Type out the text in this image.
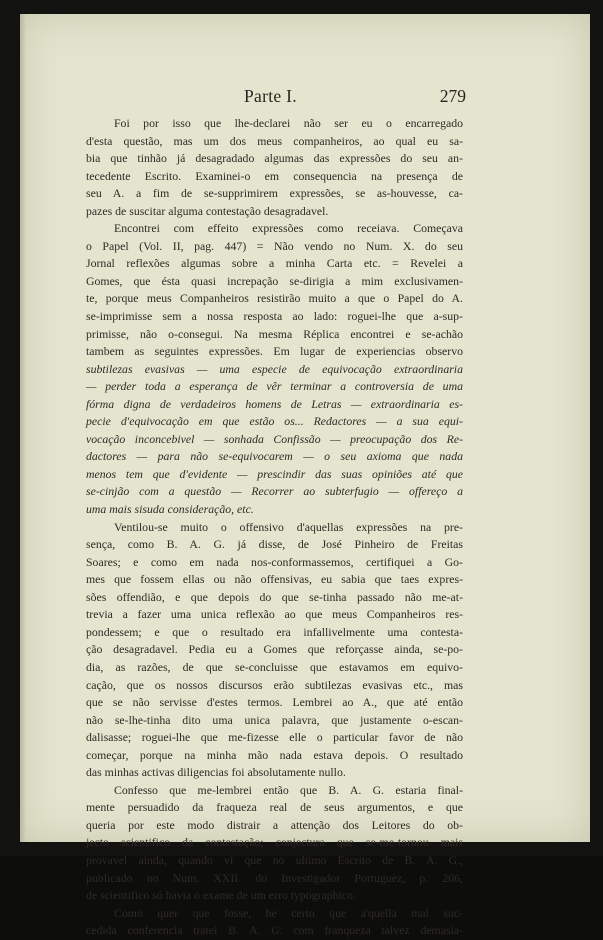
Parte I.	279
Foi por isso que lhe-declarei não ser eu o encarregado
d'esta questão, mas um dos meus companheiros, ao qual eu sa-
bia que tinhão já desagradado algumas das expressões do seu an-
tecedente Escrito. Examinei-o em consequencia na presença de
seu A. a fim de se-supprimirem expressões, se as-houvesse, ca-
pazes de suscitar alguma contestação desagradavel.
Encontrei com effeito expressões como receiava. Começava
o Papel (Vol. II, pag. 447) = Não vendo no Num. X. do seu
Jornal reflexões algumas sobre a minha Carta etc. = Revelei a
Gomes, que ésta quasi increpação se-dirigia a mim exclusivamen-
te, porque meus Companheiros resistirão muito a que o Papel do A.
se-imprimisse sem a nossa resposta ao lado: roguei-lhe que a-sup-
primisse, não o-consegui. Na mesma Réplica encontrei e se-achão
tambem as seguintes expressões. Em lugar de experiencias observo
subtilezas evasivas — uma especie de equivocação extraordinaria
— perder toda a esperança de vêr terminar a controversia de uma
fórma digna de verdadeiros homens de Letras — extraordinaria es-
pecie d'equivocação em que estão os... Redactores — a sua equi-
vocação inconcebivel — sonhada Confissão — preocupação dos Re-
dactores — para não se-equivocarem — o seu axioma que nada
menos tem que d'evidente — prescindir das suas opiniões até que
se-cinjão com a questão — Recorrer ao subterfugio — offereço a
uma mais sisuda consideração, etc.
Ventilou-se muito o offensivo d'aquellas expressões na pre-
sença, como B. A. G. já disse, de José Pinheiro de Freitas
Soares; e como em nada nos-conformassemos, certifiquei a Go-
mes que fossem ellas ou não offensivas, eu sabia que taes expres-
sões offendião, e que depois do que se-tinha passado não me-at-
trevia a fazer uma unica reflexão ao que meus Companheiros res-
pondessem; e que o resultado era infallivelmente uma contesta-
ção desagradavel. Pedia eu a Gomes que reforçasse ainda, se-po-
dia, as razões, de que se-concluisse que estavamos em equivo-
cação, que os nossos discursos erão subtilezas evasivas etc., mas
que se não servisse d'estes termos. Lembrei ao A., que até então
não se-lhe-tinha dito uma unica palavra, que justamente o-escan-
dalisasse; roguei-lhe que me-fizesse elle o particular favor de não
começar, porque na minha mão nada estava depois. O resultado
das minhas activas diligencias foi absolutamente nullo.
Confesso que me-lembrei então que B. A. G. estaria final-
mente persuadido da fraqueza real de seus argumentos, e que
queria por este modo distrair a attenção dos Leitores do ob-
jecto scientifico da contestação; conjectura que se-me-tornou mais
provavel ainda, quando vi que no ultimo Escrito de B. A. G.,
publicado no Num. XXII. do Investigador Portuguez, p. 206,
de scientifico só havia o exame de um erro typographico.
Como quer que fosse, he certo que a'quella mal suc-
cedida conferencia tratei B. A. G. com franqueza talvez demasia-
